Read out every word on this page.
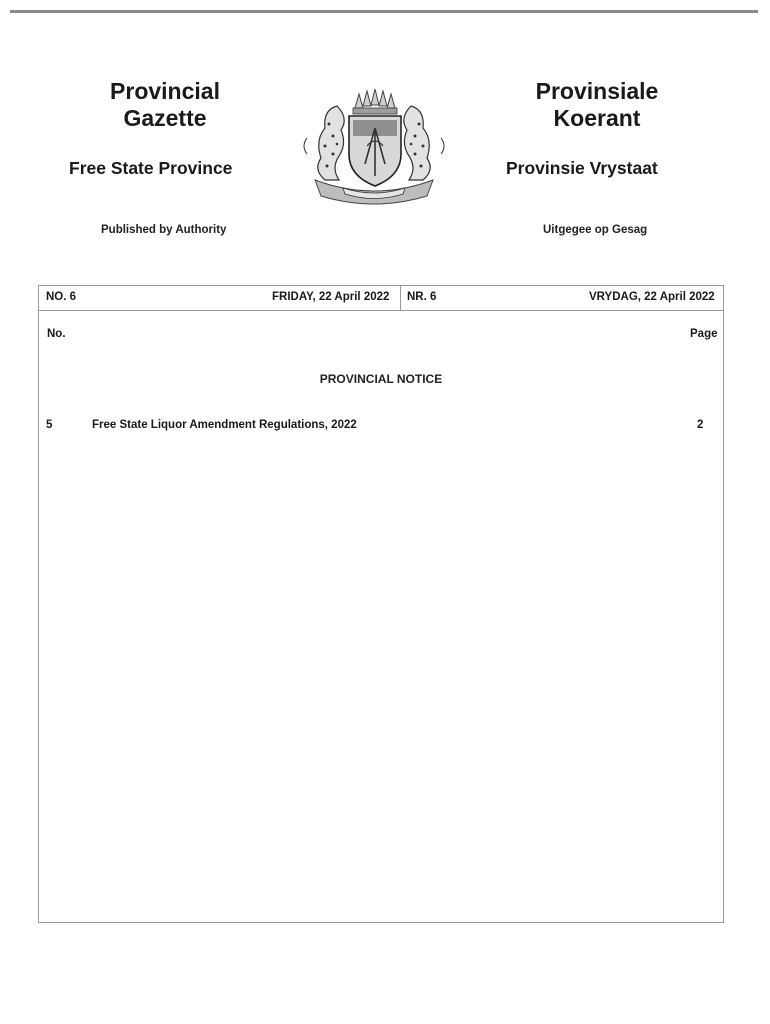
Provincial
Gazette
Free State Province
Published by Authority
Provinsiale
Koerant
Provinsie Vrystaat
Uitgegee op Gesag
NO. 6	FRIDAY, 22 April 2022 NR. 6	VRYDAG, 22 April 2022
No.	Page
PROVINCIAL NOTICE
5	Free State Liquor Amendment Regulations, 2022	2
